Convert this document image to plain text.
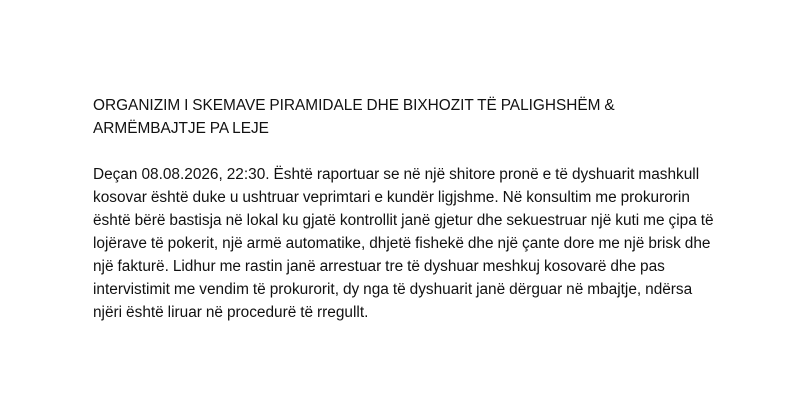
ORGANIZIM I SKEMAVE PIRAMIDALE DHE BIXHOZIT TË PALIGHSHËM & ARMËMBAJTJE PA LEJE

Deçan 08.08.2026, 22:30. Është raportuar se në një shitore pronë e të dyshuarit mashkull kosovar është duke u ushtruar veprimtari e kundër ligjshme. Në konsultim me prokurorin është bërë bastisja në lokal ku gjatë kontrollit janë gjetur dhe sekuestruar një kuti me çipa të lojërave të pokerit, një armë automatike, dhjetë fishekë dhe një çante dore me një brisk dhe një fakturë. Lidhur me rastin janë arrestuar tre të dyshuar meshkuj kosovarë dhe pas intervistimit me vendim të prokurorit, dy nga të dyshuarit janë dërguar në mbajtje, ndërsa njëri është liruar në procedurë të rregullt.
